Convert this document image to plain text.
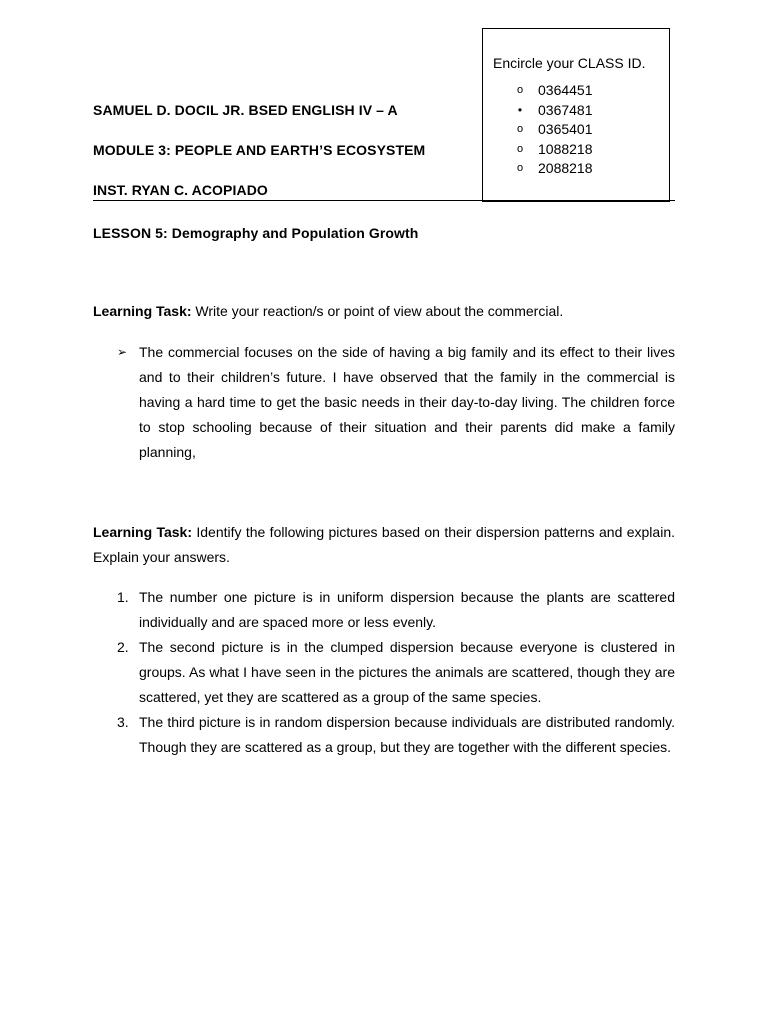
Encircle your CLASS ID.
o 0364451
• 0367481
o 0365401
o 1088218
o 2088218
SAMUEL D. DOCIL JR. BSED ENGLISH IV – A
MODULE 3: PEOPLE AND EARTH’S ECOSYSTEM
INST. RYAN C. ACOPIADO
LESSON 5: Demography and Population Growth
Learning Task: Write your reaction/s or point of view about the commercial.
➢ The commercial focuses on the side of having a big family and its effect to their lives and to their children’s future. I have observed that the family in the commercial is having a hard time to get the basic needs in their day-to-day living. The children force to stop schooling because of their situation and their parents did make a family planning,
Learning Task: Identify the following pictures based on their dispersion patterns and explain. Explain your answers.
1. The number one picture is in uniform dispersion because the plants are scattered individually and are spaced more or less evenly.
2. The second picture is in the clumped dispersion because everyone is clustered in groups. As what I have seen in the pictures the animals are scattered, though they are scattered, yet they are scattered as a group of the same species.
3. The third picture is in random dispersion because individuals are distributed randomly. Though they are scattered as a group, but they are together with the different species.
